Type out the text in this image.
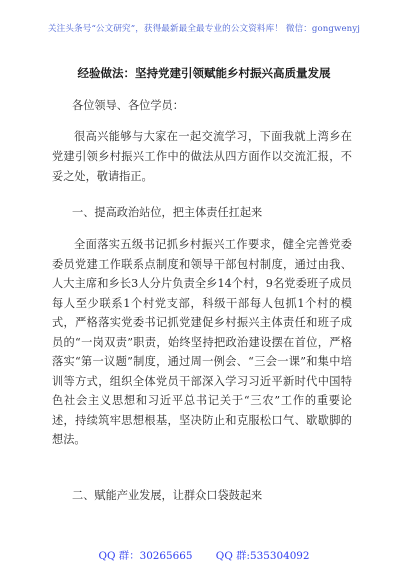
关注头条号“公文研究”，获得最新最全最专业的公文资料库！ 微信：gongwenyj
经验做法：坚持党建引领赋能乡村振兴高质量发展
各位领导、各位学员：
很高兴能够与大家在一起交流学习，下面我就上湾乡在党建引领乡村振兴工作中的做法从四方面作以交流汇报，不妥之处，敬请指正。
一、提高政治站位，把主体责任扛起来
全面落实五级书记抓乡村振兴工作要求，健全完善党委委员党建工作联系点制度和领导干部包村制度，通过由我、人大主席和乡长3人分片负责全乡14个村，9名党委班子成员每人至少联系1个村党支部，科级干部每人包抓1个村的模式，严格落实党委书记抓党建促乡村振兴主体责任和班子成员的“一岗双责”职责，始终坚持把政治建设摆在首位，严格落实“第一议题”制度，通过周一例会、“三会一课”和集中培训等方式，组织全体党员干部深入学习习近平新时代中国特色社会主义思想和习近平总书记关于“三农”工作的重要论述，持续筑牢思想根基，坚决防止和克服松口气、歇歇脚的想法。
二、赋能产业发展，让群众口袋鼓起来
QQ 群：30265665 QQ 群:535304092
